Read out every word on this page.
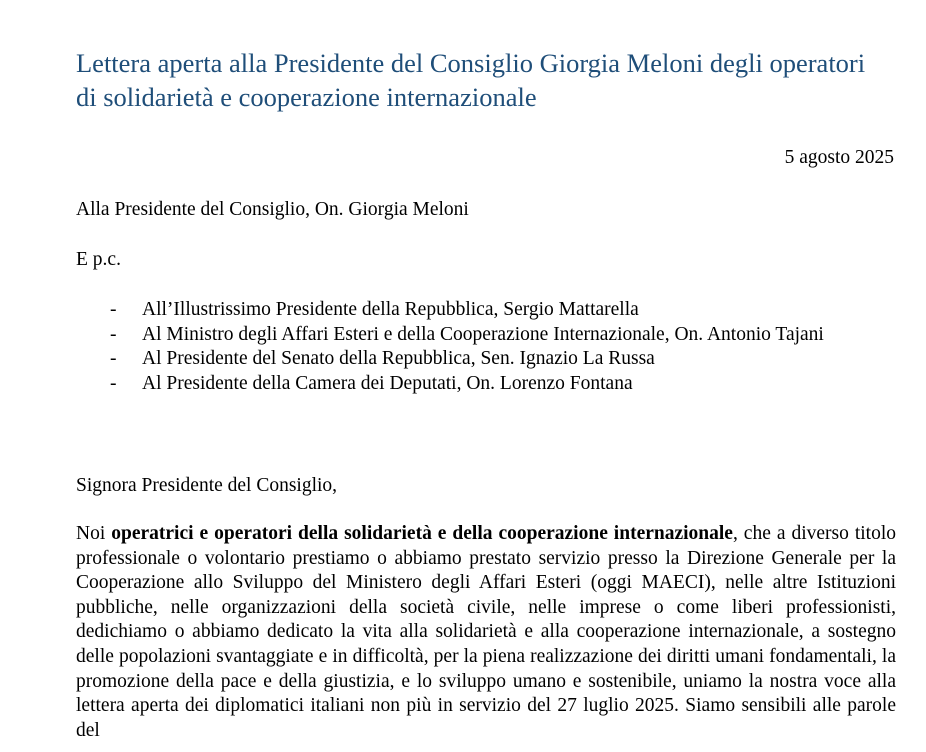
Lettera aperta alla Presidente del Consiglio Giorgia Meloni degli operatori di solidarietà e cooperazione internazionale

5 agosto 2025

Alla Presidente del Consiglio, On. Giorgia Meloni

E p.c.

- All’Illustrissimo Presidente della Repubblica, Sergio Mattarella
- Al Ministro degli Affari Esteri e della Cooperazione Internazionale, On. Antonio Tajani
- Al Presidente del Senato della Repubblica, Sen. Ignazio La Russa
- Al Presidente della Camera dei Deputati, On. Lorenzo Fontana

Signora Presidente del Consiglio,

Noi operatrici e operatori della solidarietà e della cooperazione internazionale, che a diverso titolo professionale o volontario prestiamo o abbiamo prestato servizio presso la Direzione Generale per la Cooperazione allo Sviluppo del Ministero degli Affari Esteri (oggi MAECI), nelle altre Istituzioni pubbliche, nelle organizzazioni della società civile, nelle imprese o come liberi professionisti, dedichiamo o abbiamo dedicato la vita alla solidarietà e alla cooperazione internazionale, a sostegno delle popolazioni svantaggiate e in difficoltà, per la piena realizzazione dei diritti umani fondamentali, la promozione della pace e della giustizia, e lo sviluppo umano e sostenibile, uniamo la nostra voce alla lettera aperta dei diplomatici italiani non più in servizio del 27 luglio 2025. Siamo sensibili alle parole del
